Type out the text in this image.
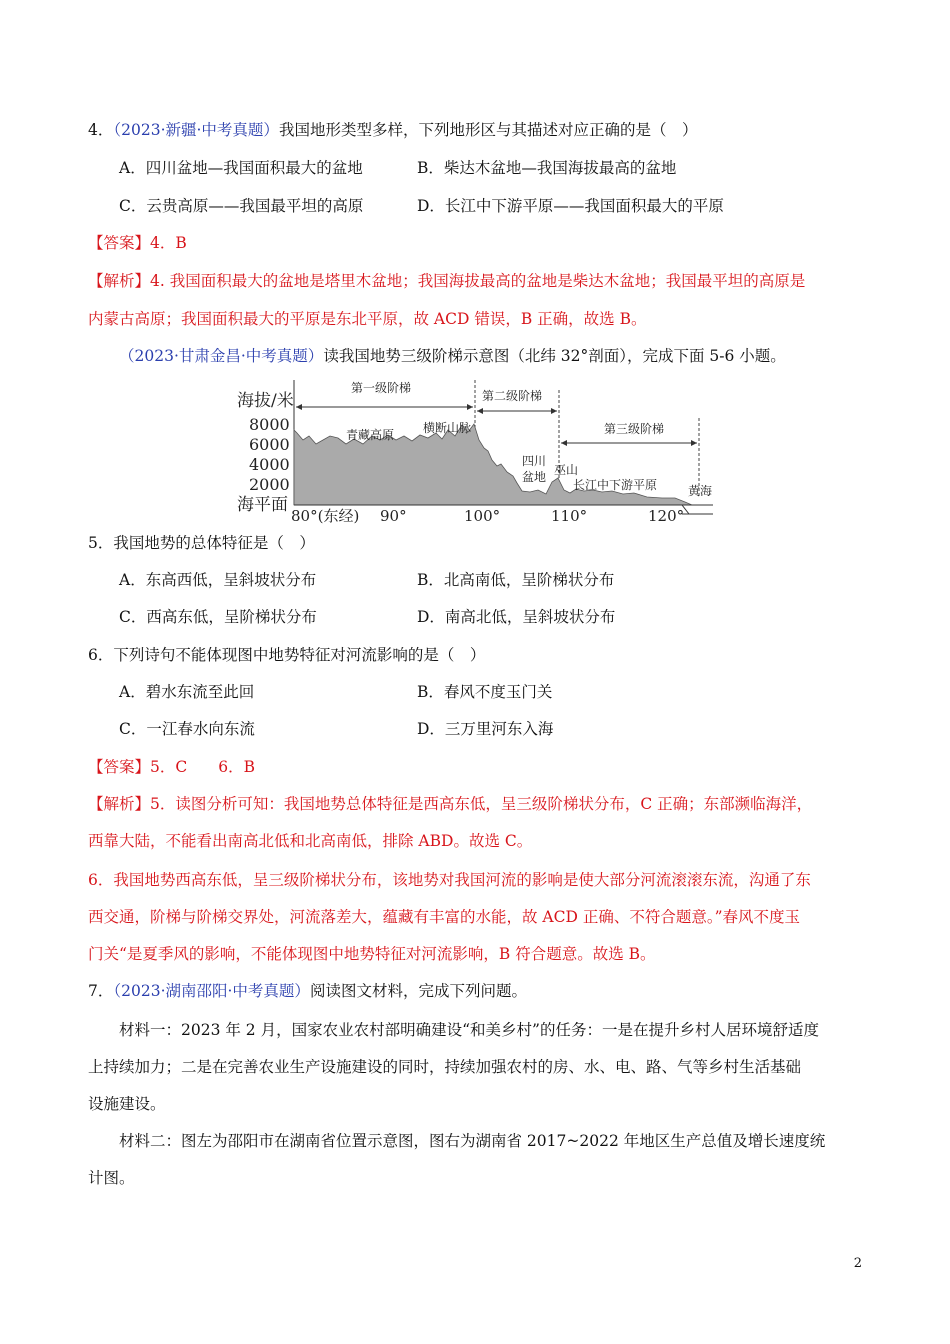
4．（2023·新疆·中考真题）我国地形类型多样，下列地形区与其描述对应正确的是（　）
A．四川盆地—我国面积最大的盆地	B．柴达木盆地—我国海拔最高的盆地
C．云贵高原——我国最平坦的高原	D．长江中下游平原——我国面积最大的平原
【答案】4．B
【解析】4. 我国面积最大的盆地是塔里木盆地；我国海拔最高的盆地是柴达木盆地；我国最平坦的高原是
内蒙古高原；我国面积最大的平原是东北平原，故 ACD 错误，B 正确，故选 B。
（2023·甘肃金昌·中考真题）读我国地势三级阶梯示意图（北纬 32°剖面），完成下面 5-6 小题。
海拔/米
8000
6000
4000
2000
海平面
第一级阶梯
第二级阶梯
第三级阶梯
青藏高原 横断山脉
四川
盆地 巫山
长江中下游平原	黄海
80°(东经) 90°	100°	110°	120°
5．我国地势的总体特征是（　）
A．东高西低，呈斜坡状分布	B．北高南低，呈阶梯状分布
C．西高东低，呈阶梯状分布	D．南高北低，呈斜坡状分布
6．下列诗句不能体现图中地势特征对河流影响的是（　）
A．碧水东流至此回	B．春风不度玉门关
C．一江春水向东流	D．三万里河东入海
【答案】5．C　　6．B
【解析】5．读图分析可知：我国地势总体特征是西高东低，呈三级阶梯状分布，C 正确；东部濒临海洋，
西靠大陆，不能看出南高北低和北高南低，排除 ABD。故选 C。
6．我国地势西高东低，呈三级阶梯状分布，该地势对我国河流的影响是使大部分河流滚滚东流，沟通了东
西交通，阶梯与阶梯交界处，河流落差大，蕴藏有丰富的水能，故 ACD 正确、不符合题意。”春风不度玉
门关“是夏季风的影响，不能体现图中地势特征对河流影响，B 符合题意。故选 B。
7．（2023·湖南邵阳·中考真题）阅读图文材料，完成下列问题。
材料一：2023 年 2 月，国家农业农村部明确建设“和美乡村”的任务：一是在提升乡村人居环境舒适度
上持续加力；二是在完善农业生产设施建设的同时，持续加强农村的房、水、电、路、气等乡村生活基础
设施建设。
材料二：图左为邵阳市在湖南省位置示意图，图右为湖南省 2017~2022 年地区生产总值及增长速度统
计图。
2
